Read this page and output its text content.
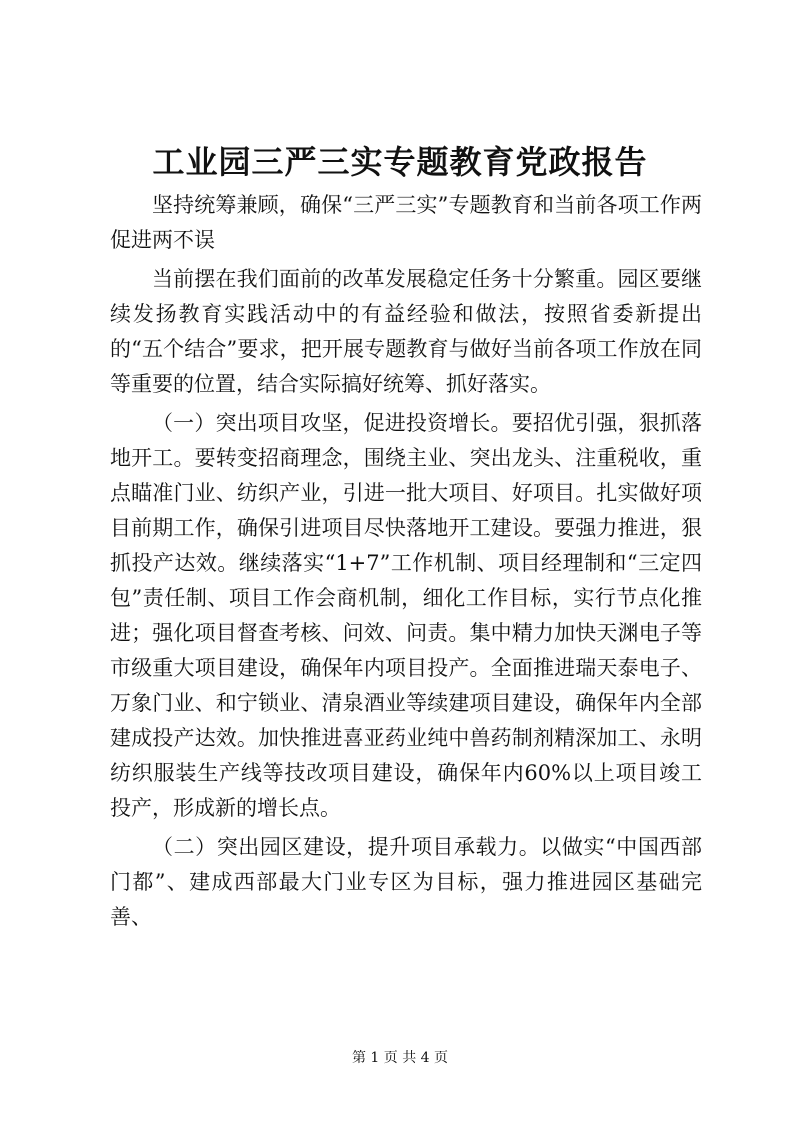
工业园三严三实专题教育党政报告

坚持统筹兼顾，确保“三严三实”专题教育和当前各项工作两促进两不误

当前摆在我们面前的改革发展稳定任务十分繁重。园区要继续发扬教育实践活动中的有益经验和做法，按照省委新提出的“五个结合”要求，把开展专题教育与做好当前各项工作放在同等重要的位置，结合实际搞好统筹、抓好落实。

（一）突出项目攻坚，促进投资增长。要招优引强，狠抓落地开工。要转变招商理念，围绕主业、突出龙头、注重税收，重点瞄准门业、纺织产业，引进一批大项目、好项目。扎实做好项目前期工作，确保引进项目尽快落地开工建设。要强力推进，狠抓投产达效。继续落实“1+7”工作机制、项目经理制和“三定四包”责任制、项目工作会商机制，细化工作目标，实行节点化推进；强化项目督查考核、问效、问责。集中精力加快天渊电子等市级重大项目建设，确保年内项目投产。全面推进瑞天泰电子、万象门业、和宁锁业、清泉酒业等续建项目建设，确保年内全部建成投产达效。加快推进喜亚药业纯中兽药制剂精深加工、永明纺织服装生产线等技改项目建设，确保年内60%以上项目竣工投产，形成新的增长点。

（二）突出园区建设，提升项目承载力。以做实“中国西部门都”、建成西部最大门业专区为目标，强力推进园区基础完善、

第 1 页 共 4 页
